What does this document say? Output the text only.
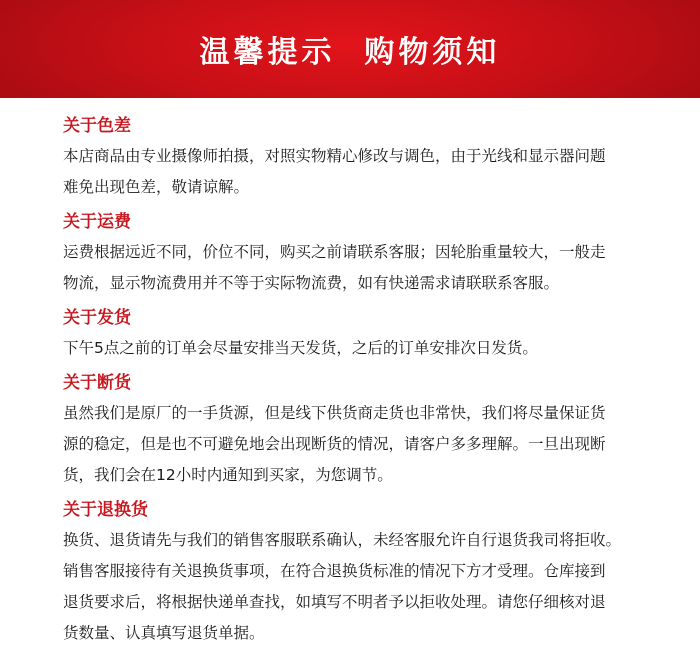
温馨提示  购物须知
关于色差
本店商品由专业摄像师拍摄，对照实物精心修改与调色，由于光线和显示器问题
难免出现色差，敬请谅解。
关于运费
运费根据远近不同，价位不同，购买之前请联系客服；因轮胎重量较大，一般走
物流，显示物流费用并不等于实际物流费，如有快递需求请联联系客服。
关于发货
下午5点之前的订单会尽量安排当天发货，之后的订单安排次日发货。
关于断货
虽然我们是原厂的一手货源，但是线下供货商走货也非常快，我们将尽量保证货
源的稳定，但是也不可避免地会出现断货的情况，请客户多多理解。一旦出现断
货，我们会在12小时内通知到买家，为您调节。
关于退换货
换货、退货请先与我们的销售客服联系确认，未经客服允许自行退货我司将拒收。
销售客服接待有关退换货事项，在符合退换货标准的情况下方才受理。仓库接到
退货要求后，将根据快递单查找，如填写不明者予以拒收处理。请您仔细核对退
货数量、认真填写退货单据。
